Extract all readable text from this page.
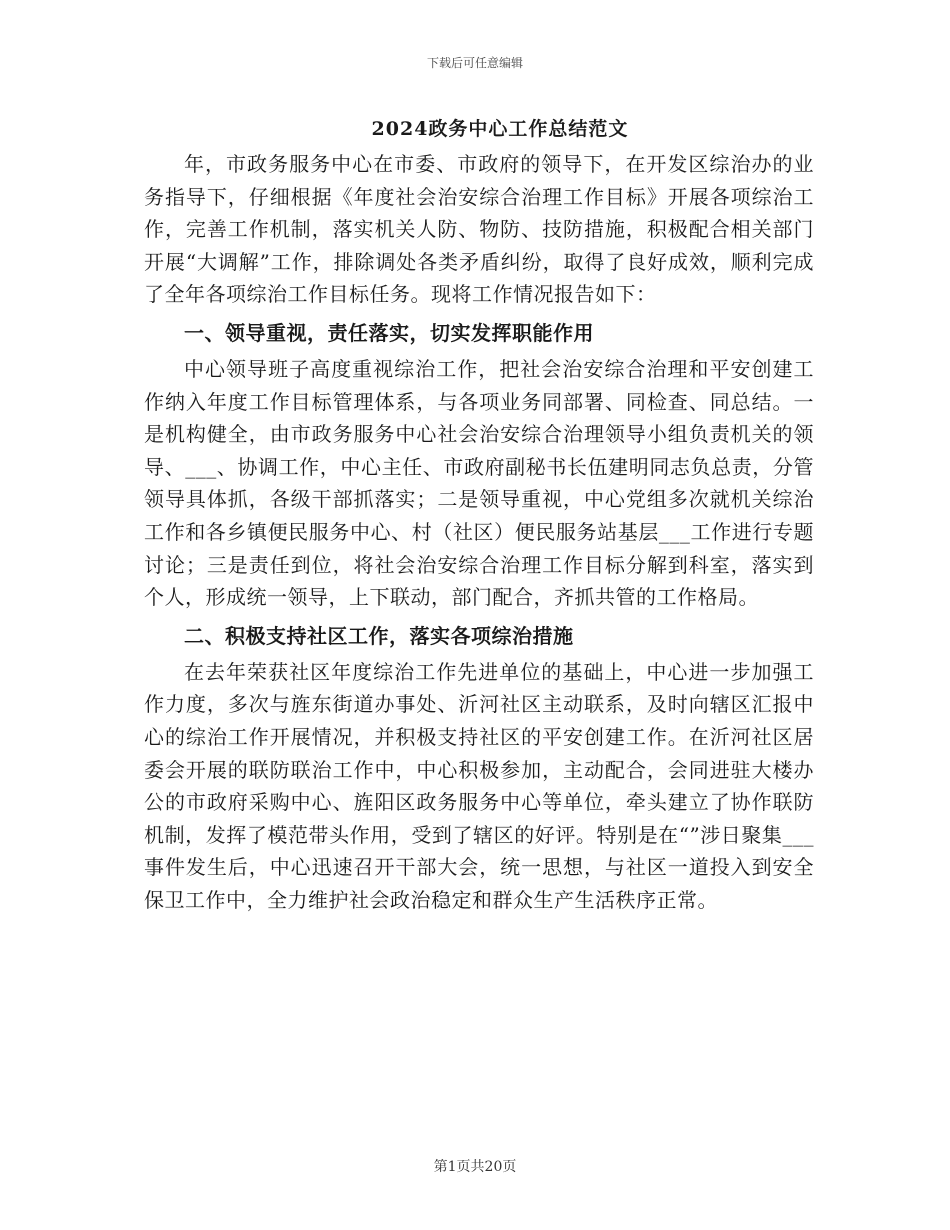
下载后可任意编辑
2024政务中心工作总结范文

年，市政务服务中心在市委、市政府的领导下，在开发区综治办的业务指导下，仔细根据《年度社会治安综合治理工作目标》开展各项综治工作，完善工作机制，落实机关人防、物防、技防措施，积极配合相关部门开展“大调解”工作，排除调处各类矛盾纠纷，取得了良好成效，顺利完成了全年各项综治工作目标任务。现将工作情况报告如下：

一、领导重视，责任落实，切实发挥职能作用

中心领导班子高度重视综治工作，把社会治安综合治理和平安创建工作纳入年度工作目标管理体系，与各项业务同部署、同检查、同总结。一是机构健全，由市政务服务中心社会治安综合治理领导小组负责机关的领导、___、协调工作，中心主任、市政府副秘书长伍建明同志负总责，分管领导具体抓，各级干部抓落实；二是领导重视，中心党组多次就机关综治工作和各乡镇便民服务中心、村（社区）便民服务站基层___工作进行专题讨论；三是责任到位，将社会治安综合治理工作目标分解到科室，落实到个人，形成统一领导，上下联动，部门配合，齐抓共管的工作格局。

二、积极支持社区工作，落实各项综治措施

在去年荣获社区年度综治工作先进单位的基础上，中心进一步加强工作力度，多次与旌东街道办事处、沂河社区主动联系，及时向辖区汇报中心的综治工作开展情况，并积极支持社区的平安创建工作。在沂河社区居委会开展的联防联治工作中，中心积极参加，主动配合，会同进驻大楼办公的市政府采购中心、旌阳区政务服务中心等单位，牵头建立了协作联防机制，发挥了模范带头作用，受到了辖区的好评。特别是在“”涉日聚集___事件发生后，中心迅速召开干部大会，统一思想，与社区一道投入到安全保卫工作中，全力维护社会政治稳定和群众生产生活秩序正常。

第1页共20页
